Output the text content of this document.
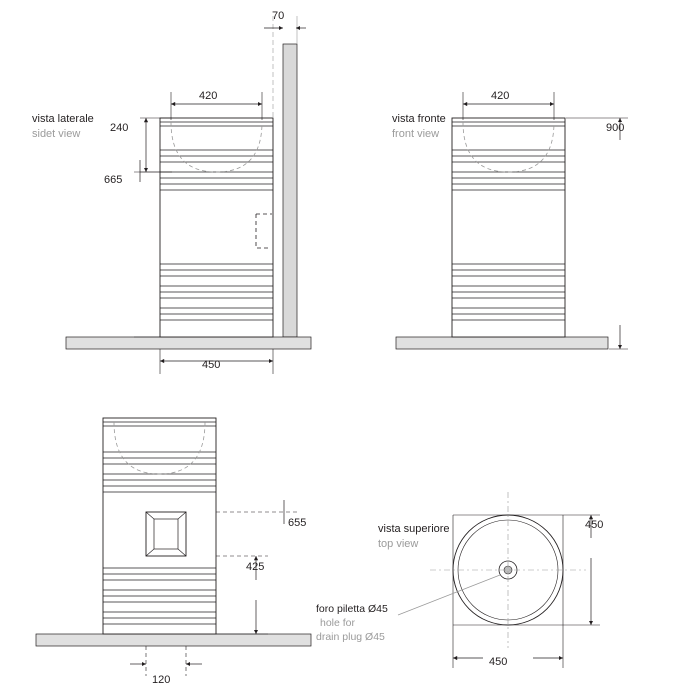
vista laterale
sidet view
70
420
240
665
450
vista fronte
front view
420
900
655
425
120
vista superiore
top view
450
450
foro piletta Ø45
hole for
drain plug Ø45
